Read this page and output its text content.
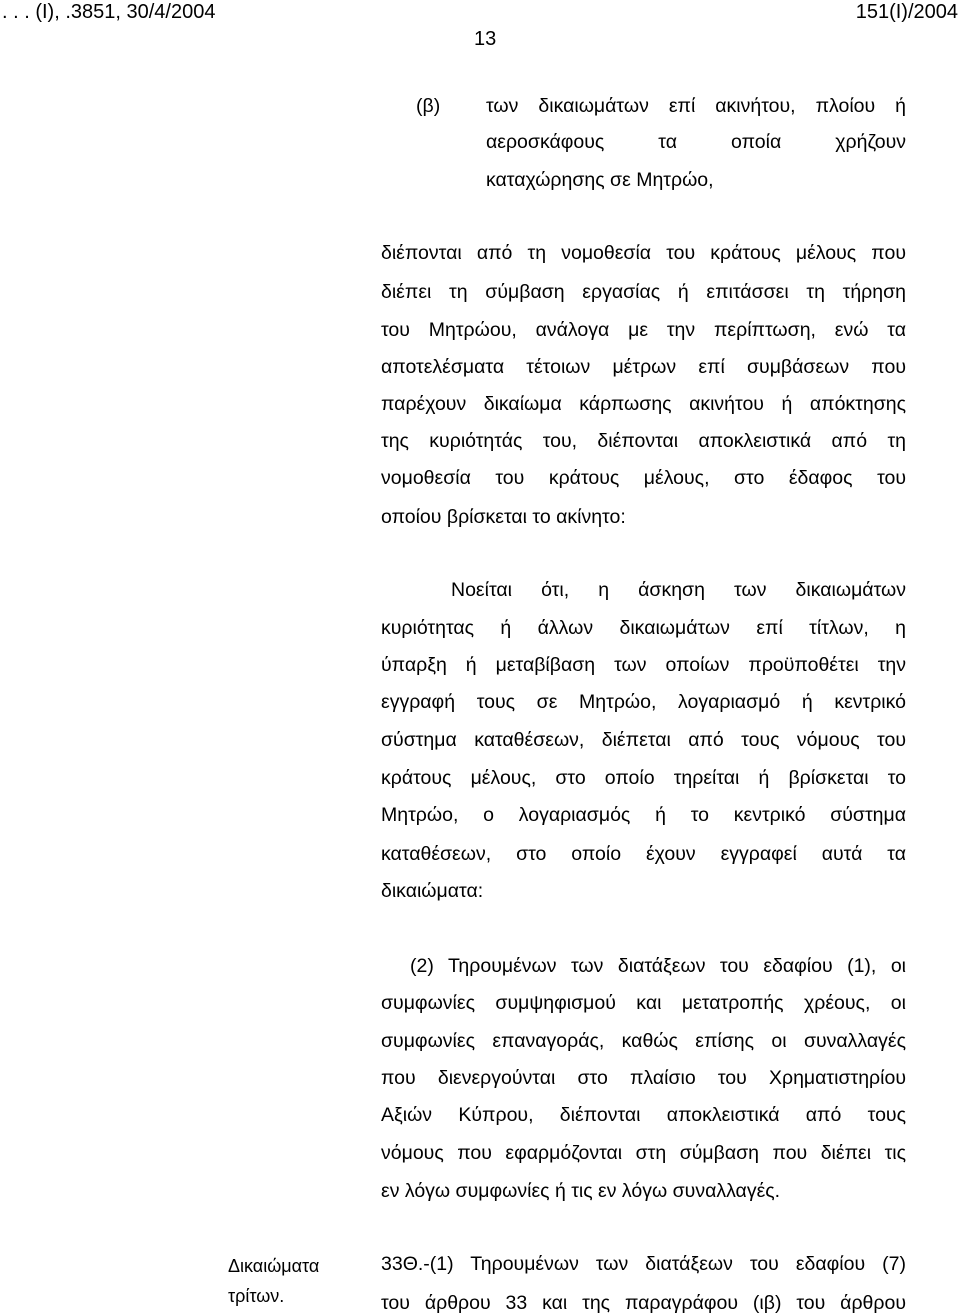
. . . (Ι), .3851, 30/4/2004	151(Ι)/2004
13
(β) των δικαιωμάτων επί ακινήτου, πλοίου ή
αεροσκάφους τα οποία χρήζουν
καταχώρησης σε Μητρώο,
διέπονται από τη νομοθεσία του κράτους μέλους που
διέπει τη σύμβαση εργασίας ή επιτάσσει τη τήρηση
του Μητρώου, ανάλογα με την περίπτωση, ενώ τα
αποτελέσματα τέτοιων μέτρων επί συμβάσεων που
παρέχουν δικαίωμα κάρπωσης ακινήτου ή απόκτησης
της κυριότητάς του, διέπονται αποκλειστικά από τη
νομοθεσία του κράτους μέλους, στο έδαφος του
οποίου βρίσκεται το ακίνητο:
Νοείται ότι, η άσκηση των δικαιωμάτων
κυριότητας ή άλλων δικαιωμάτων επί τίτλων, η
ύπαρξη ή μεταβίβαση των οποίων προϋποθέτει την
εγγραφή τους σε Μητρώο, λογαριασμό ή κεντρικό
σύστημα καταθέσεων, διέπεται από τους νόμους του
κράτους μέλους, στο οποίο τηρείται ή βρίσκεται το
Μητρώο, ο λογαριασμός ή το κεντρικό σύστημα
καταθέσεων, στο οποίο έχουν εγγραφεί αυτά τα
δικαιώματα:
(2) Τηρουμένων των διατάξεων του εδαφίου (1), οι
συμφωνίες συμψηφισμού και μετατροπής χρέους, οι
συμφωνίες επαναγοράς, καθώς επίσης οι συναλλαγές
που διενεργούνται στο πλαίσιο του Χρηματιστηρίου
Αξιών Κύπρου, διέπονται αποκλειστικά από τους
νόμους που εφαρμόζονται στη σύμβαση που διέπει τις
εν λόγω συμφωνίες ή τις εν λόγω συναλλαγές.
Δικαιώματα
τρίτων.
33Θ.-(1) Τηρουμένων των διατάξεων του εδαφίου (7)
του άρθρου 33 και της παραγράφου (ιβ) του άρθρου
